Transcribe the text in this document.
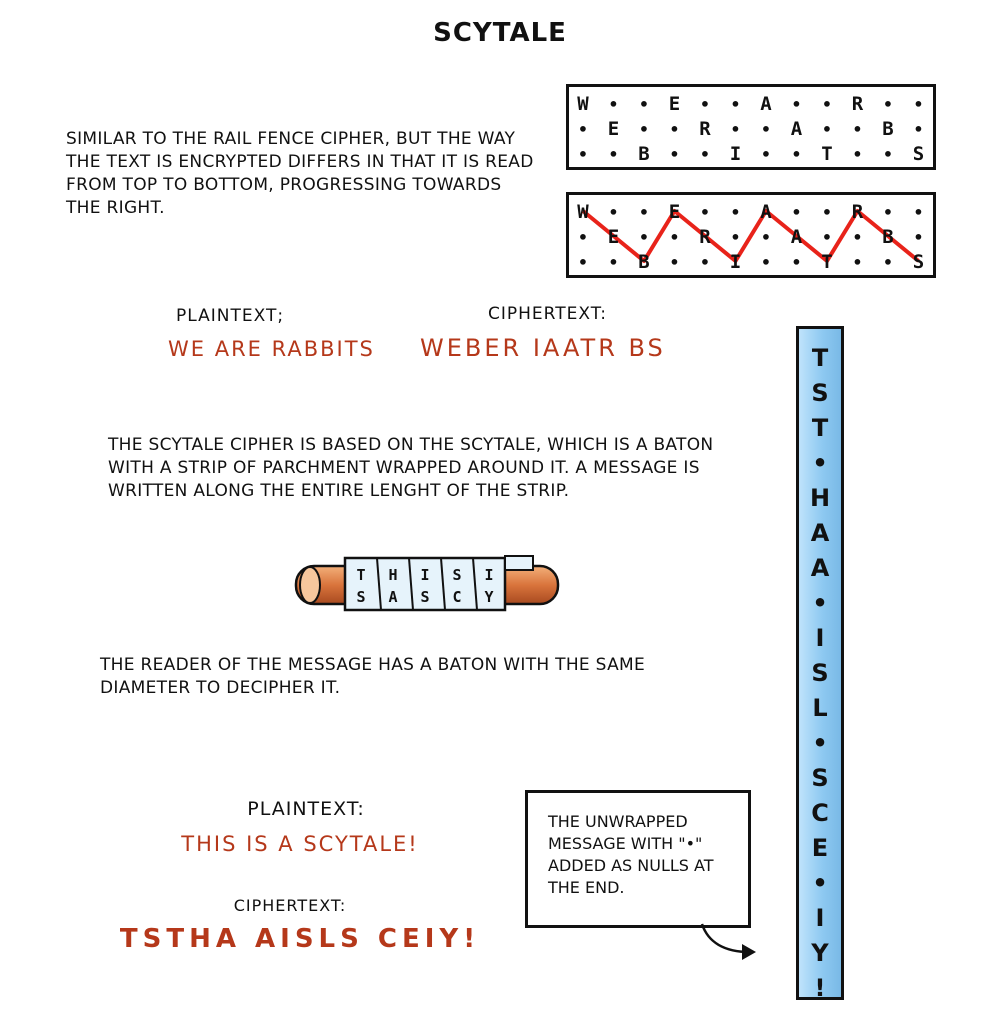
SCYTALE
SIMILAR TO THE RAIL FENCE CIPHER, BUT THE WAY THE TEXT IS ENCRYPTED DIFFERS IN THAT IT IS READ FROM TOP TO BOTTOM, PROGRESSING TOWARDS THE RIGHT.
W • • E • • A • • R • •
• E • • R • • A • • B •
• • B • • I • • T • • S
W • • E • • A • • R • •
• E • • R • • A • • B •
• • B • • I • • T • • S
PLAINTEXT;
WE ARE RABBITS
CIPHERTEXT:
WEBER IAATR BS
THE SCYTALE CIPHER IS BASED ON THE SCYTALE, WHICH IS A BATON WITH A STRIP OF PARCHMENT WRAPPED AROUND IT. A MESSAGE IS WRITTEN ALONG THE ENTIRE LENGHT OF THE STRIP.
T
S
H
A
I
S
S
C
I
Y
THE READER OF THE MESSAGE HAS A BATON WITH THE SAME DIAMETER TO DECIPHER IT.
PLAINTEXT:
THIS IS A SCYTALE!
CIPHERTEXT:
TSTHA AISLS CEIY!
THE UNWRAPPED MESSAGE WITH "•" ADDED AS NULLS AT THE END.
T
S
T
•
H
A
A
•
I
S
L
•
S
C
E
•
I
Y
!
